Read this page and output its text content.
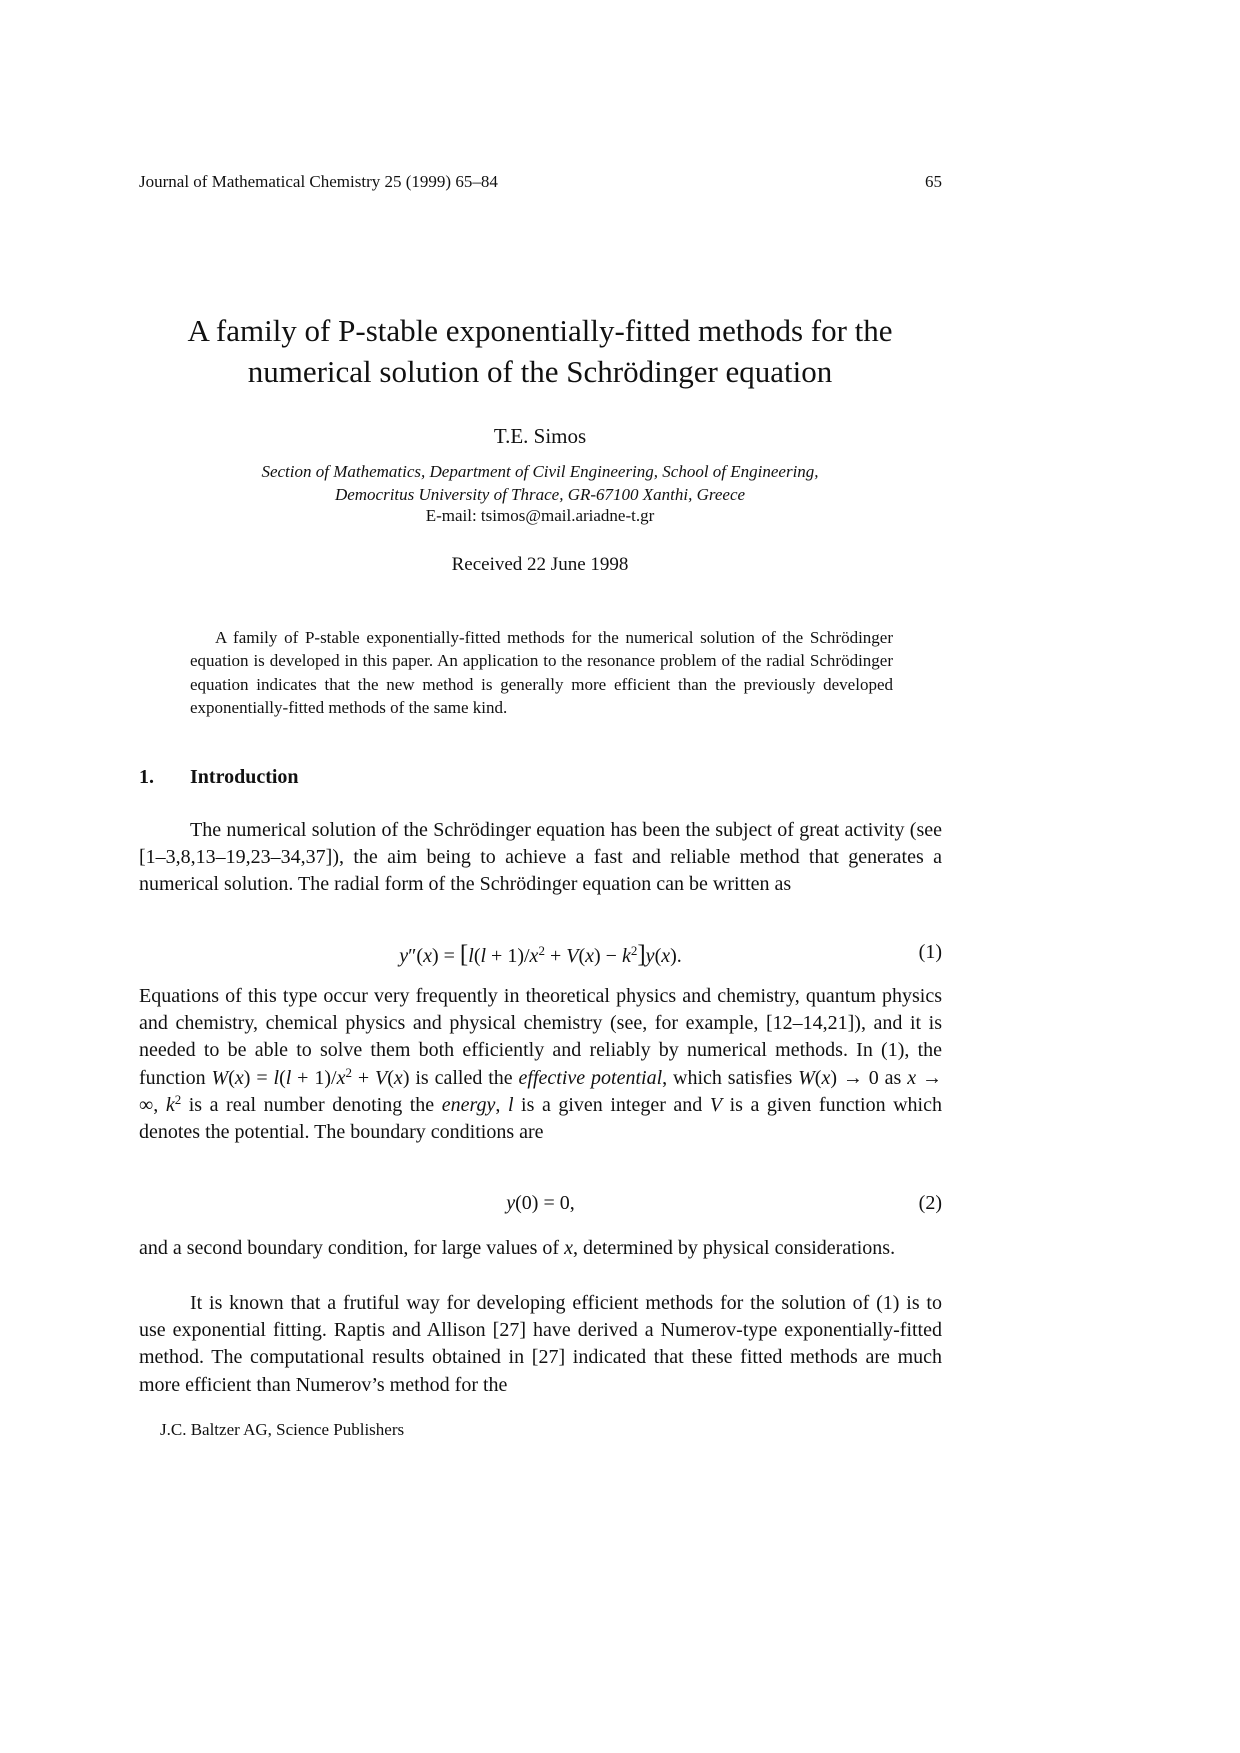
Journal of Mathematical Chemistry 25 (1999) 65–84	65
A family of P-stable exponentially-fitted methods for the
numerical solution of the Schrödinger equation
T.E. Simos
Section of Mathematics, Department of Civil Engineering, School of Engineering,
Democritus University of Thrace, GR-67100 Xanthi, Greece
E-mail: tsimos@mail.ariadne-t.gr
Received 22 June 1998
A family of P-stable exponentially-fitted methods for the numerical solution of the Schrödinger equation is developed in this paper. An application to the resonance problem of the radial Schrödinger equation indicates that the new method is generally more efficient than the previously developed exponentially-fitted methods of the same kind.
1. Introduction
The numerical solution of the Schrödinger equation has been the subject of great activity (see [1–3,8,13–19,23–34,37]), the aim being to achieve a fast and reliable method that generates a numerical solution. The radial form of the Schrödinger equation can be written as
$y''(x) = [l(l + 1)/x^2 + V(x) - k^2]y(x)$.	(1)
Equations of this type occur very frequently in theoretical physics and chemistry, quantum physics and chemistry, chemical physics and physical chemistry (see, for example, [12–14,21]), and it is needed to be able to solve them both efficiently and reliably by numerical methods. In (1), the function $W(x) = l(l + 1)/x^2 + V(x)$ is called the effective potential, which satisfies W(x) → 0 as x → ∞, $k^2$ is a real number denoting the energy, l is a given integer and V is a given function which denotes the potential. The boundary conditions are
y(0) = 0,	(2)
and a second boundary condition, for large values of x, determined by physical considerations.
It is known that a frutiful way for developing efficient methods for the solution of (1) is to use exponential fitting. Raptis and Allison [27] have derived a Numerov-type exponentially-fitted method. The computational results obtained in [27] indicated that these fitted methods are much more efficient than Numerov’s method for the
J.C. Baltzer AG, Science Publishers
